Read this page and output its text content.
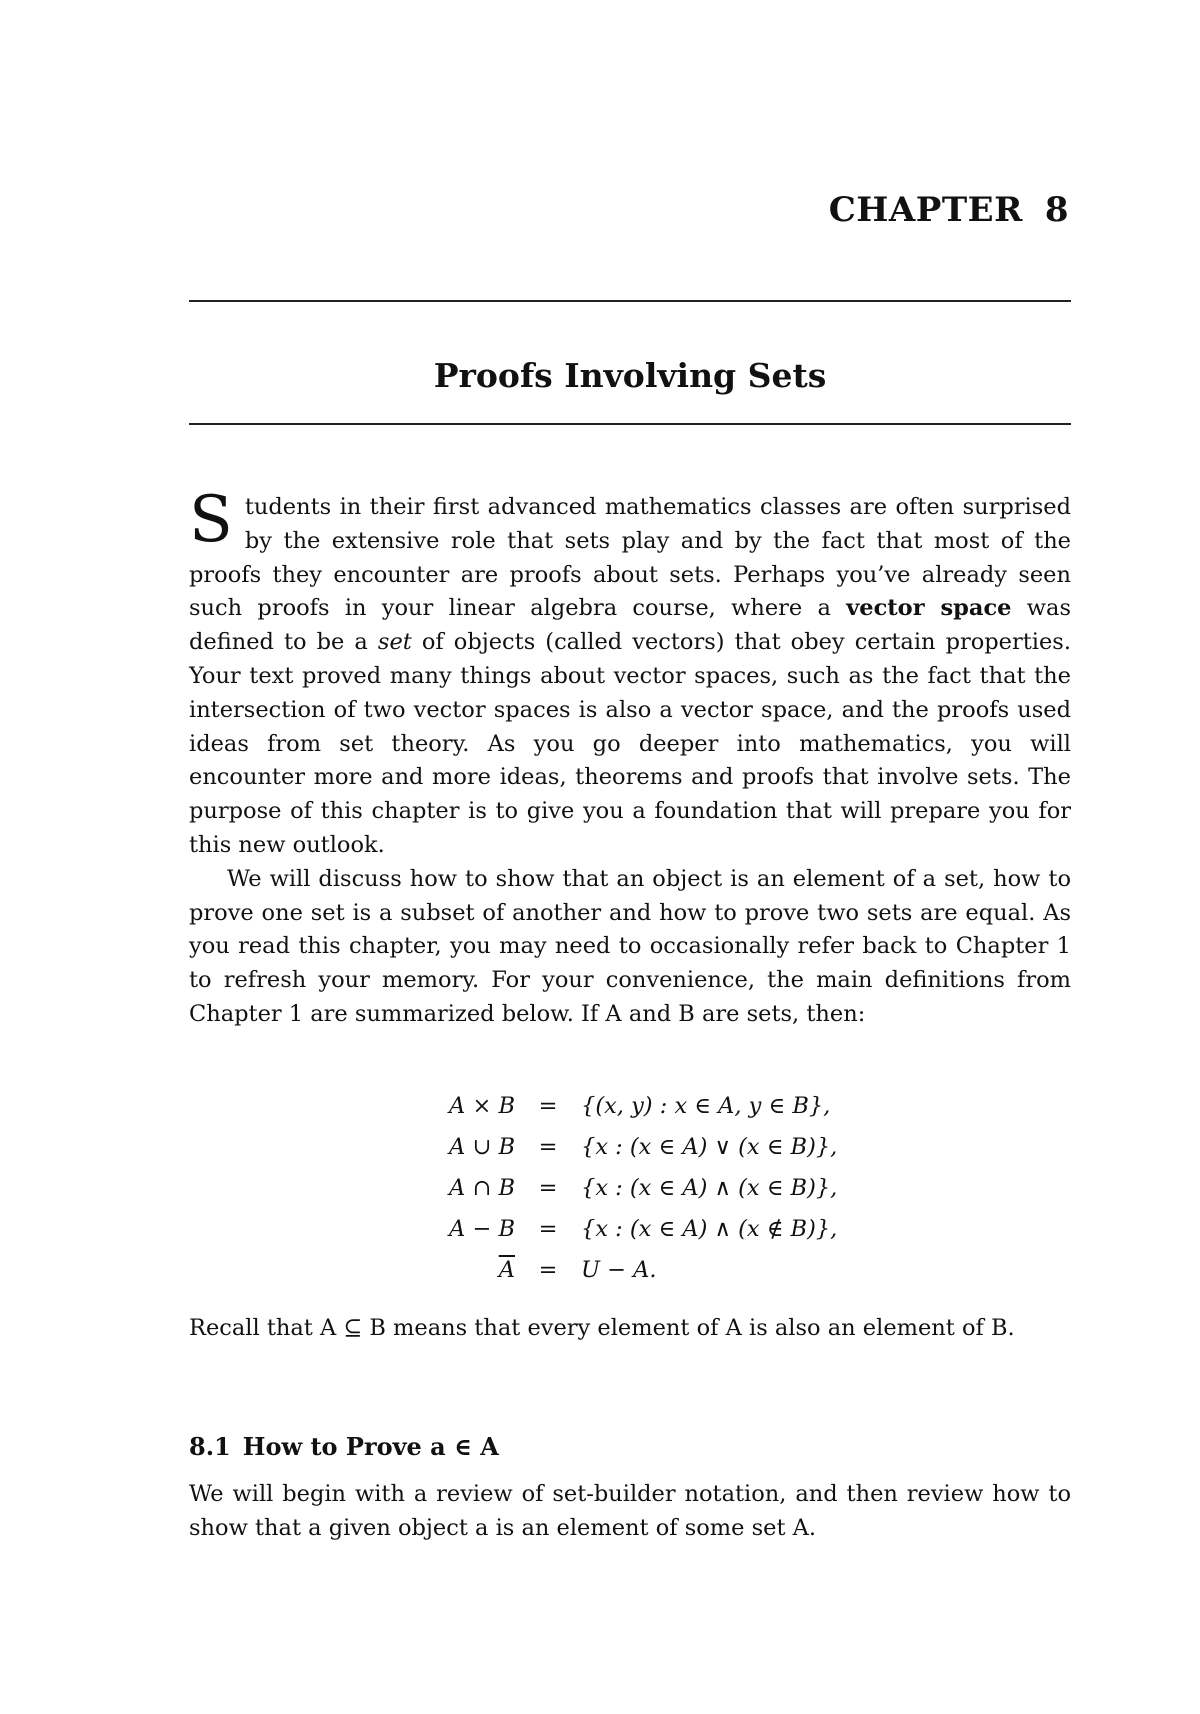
CHAPTER 8
Proofs Involving Sets

Students in their first advanced mathematics classes are often surprised by the extensive role that sets play and by the fact that most of the proofs they encounter are proofs about sets. Perhaps you’ve already seen such proofs in your linear algebra course, where a vector space was defined to be a set of objects (called vectors) that obey certain properties. Your text proved many things about vector spaces, such as the fact that the intersection of two vector spaces is also a vector space, and the proofs used ideas from set theory. As you go deeper into mathematics, you will encounter more and more ideas, theorems and proofs that involve sets. The purpose of this chapter is to give you a foundation that will prepare you for this new outlook.

We will discuss how to show that an object is an element of a set, how to prove one set is a subset of another and how to prove two sets are equal. As you read this chapter, you may need to occasionally refer back to Chapter 1 to refresh your memory. For your convenience, the main definitions from Chapter 1 are summarized below. If A and B are sets, then:

A × B	=	{(x, y) : x ∈ A, y ∈ B},
A ∪ B	=	{x : (x ∈ A) ∨ (x ∈ B)},
A ∩ B	=	{x : (x ∈ A) ∧ (x ∈ B)},
A − B	=	{x : (x ∈ A) ∧ (x ∉ B)},
$\overline{A}$	=	U − A.
Recall that A ⊆ B means that every element of A is also an element of B.
8.1 How to Prove a ∈ A
We will begin with a review of set-builder notation, and then review how to show that a given object a is an element of some set A.
